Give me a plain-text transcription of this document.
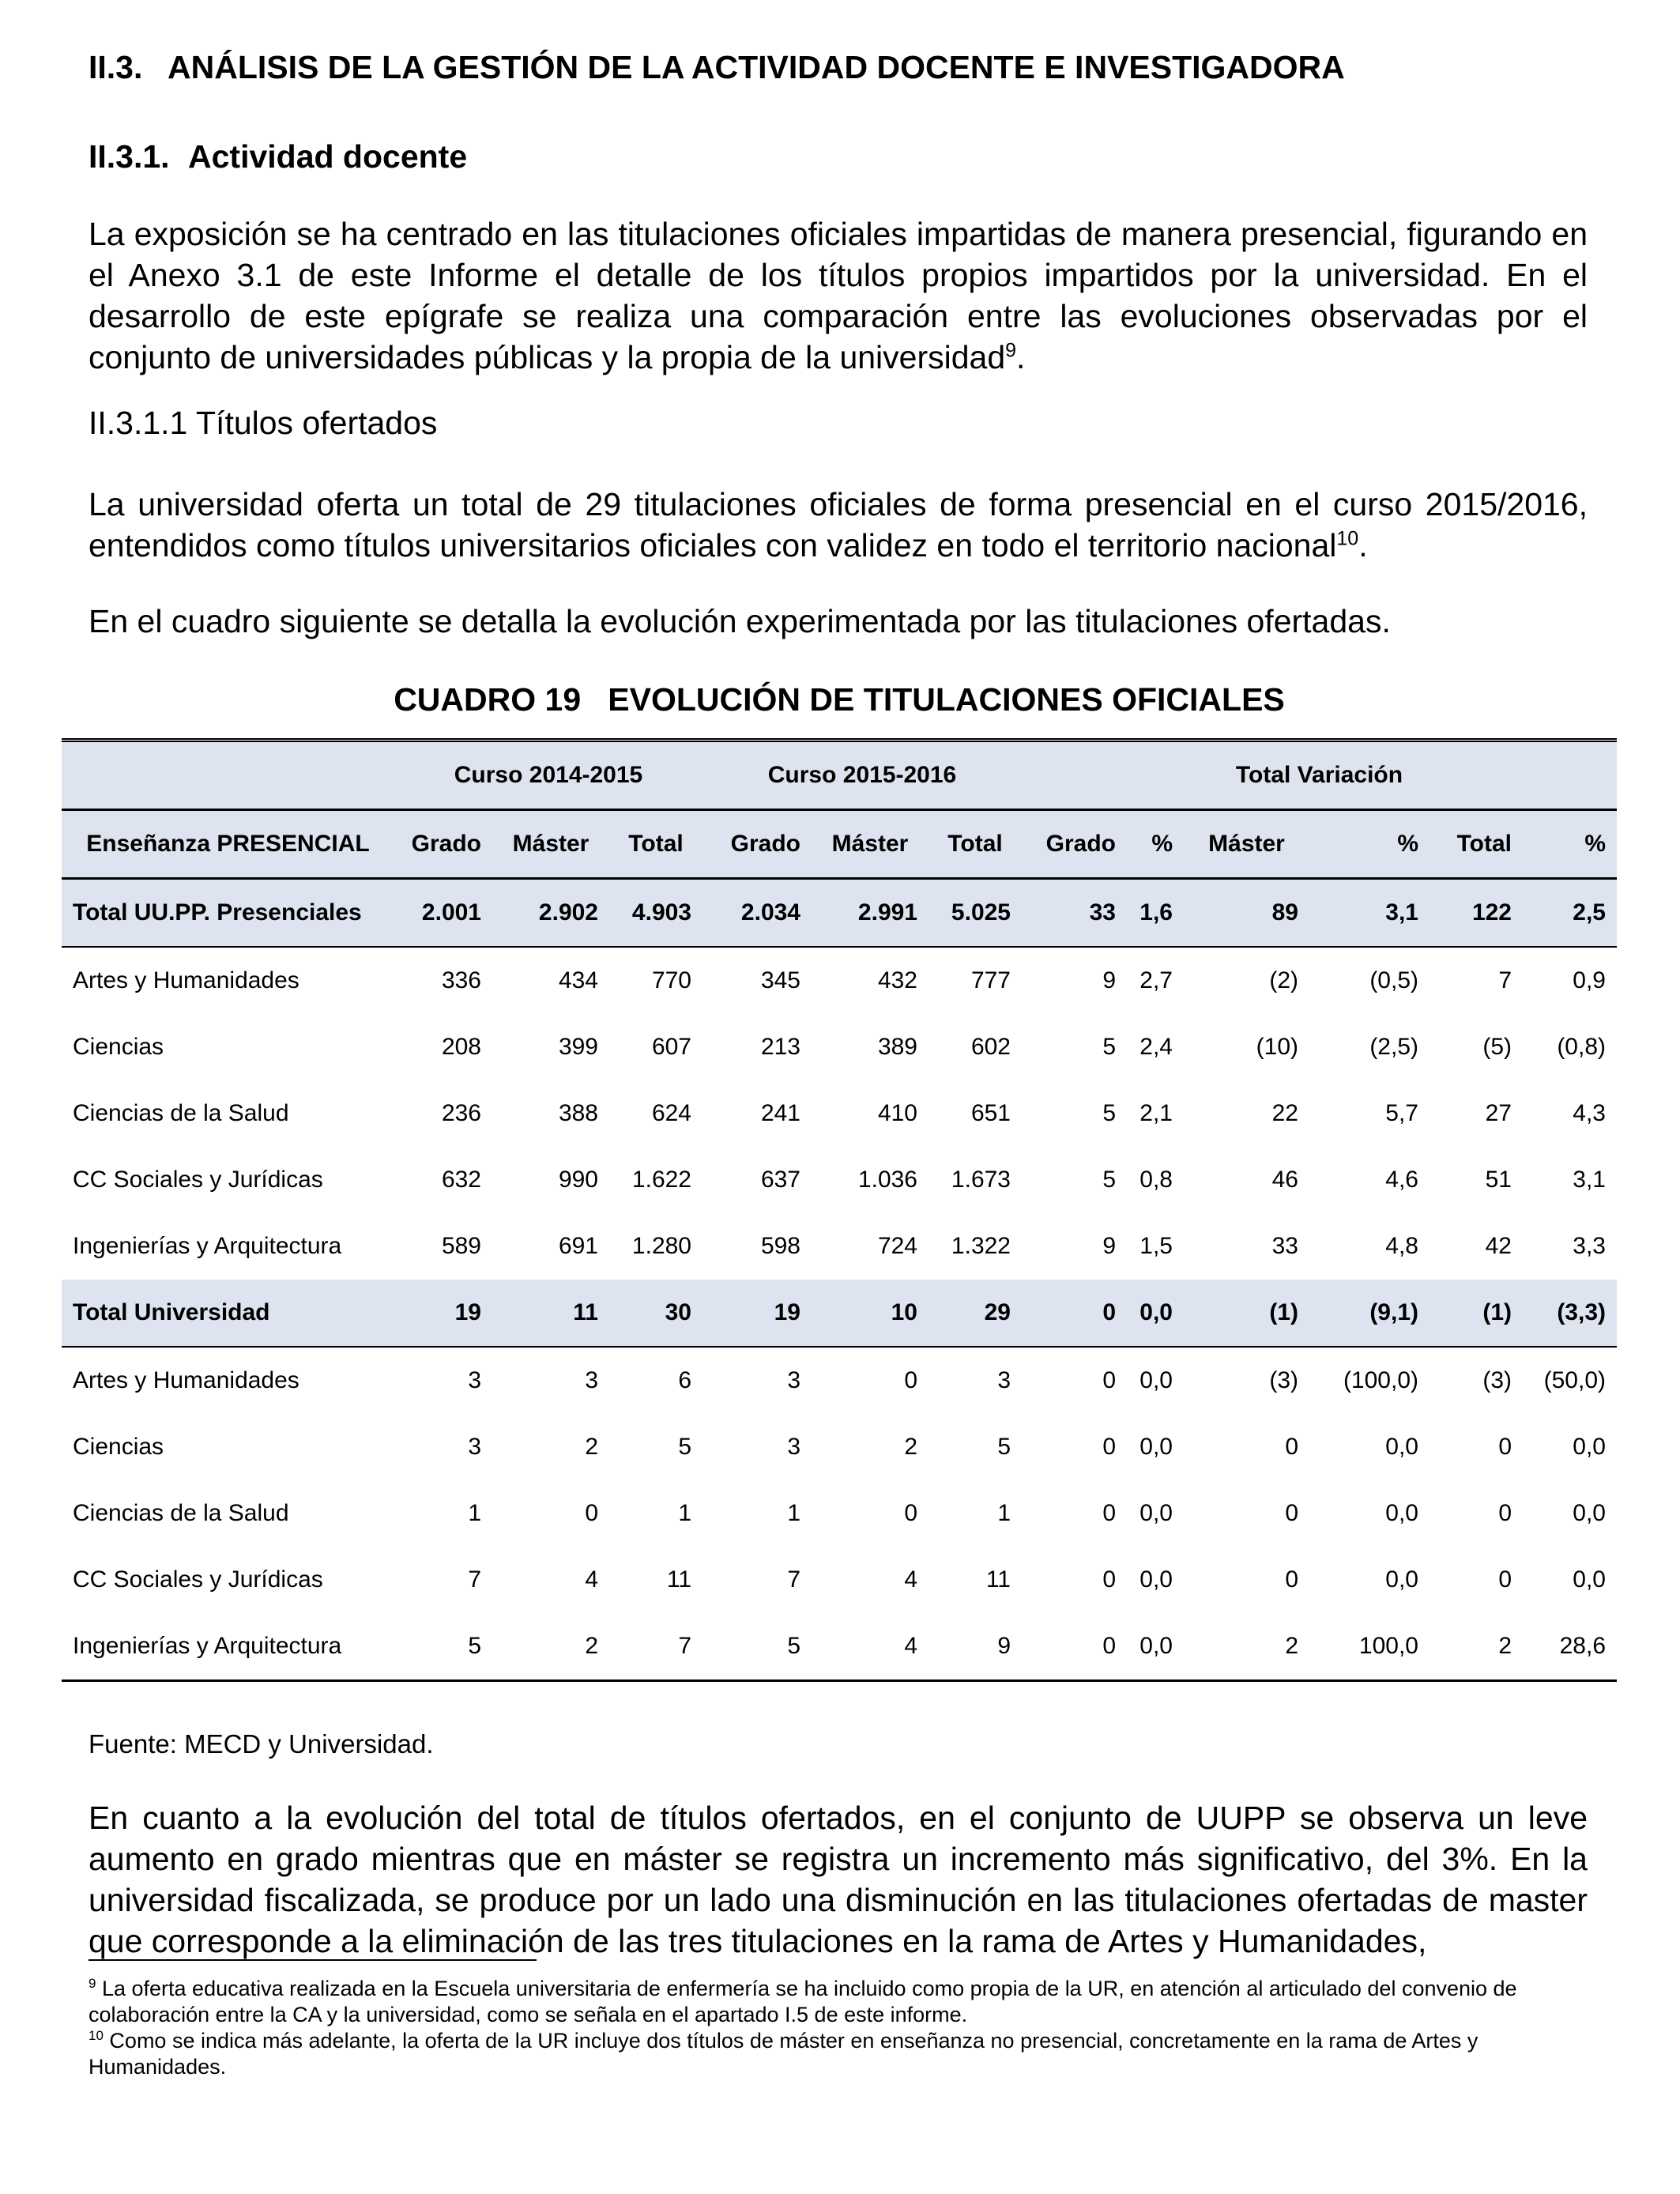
II.3. ANÁLISIS DE LA GESTIÓN DE LA ACTIVIDAD DOCENTE E INVESTIGADORA
II.3.1. Actividad docente
La exposición se ha centrado en las titulaciones oficiales impartidas de manera presencial, figurando en el Anexo 3.1 de este Informe el detalle de los títulos propios impartidos por la universidad. En el desarrollo de este epígrafe se realiza una comparación entre las evoluciones observadas por el conjunto de universidades públicas y la propia de la universidad$^9$.
II.3.1.1 Títulos ofertados
La universidad oferta un total de 29 titulaciones oficiales de forma presencial en el curso 2015/2016, entendidos como títulos universitarios oficiales con validez en todo el territorio nacional$^{10}$.
En el cuadro siguiente se detalla la evolución experimentada por las titulaciones ofertadas.
CUADRO 19   EVOLUCIÓN DE TITULACIONES OFICIALES
	Curso 2014-2015			Curso 2015-2016			Total Variación					
Enseñanza PRESENCIAL	Grado	Máster	Total	Grado	Máster	Total	Grado	%	Máster	%	Total	%
Total UU.PP. Presenciales	2.001	2.902	4.903	2.034	2.991	5.025	33	1,6	89	3,1	122	2,5
Artes y Humanidades	336	434	770	345	432	777	9	2,7	(2)	(0,5)	7	0,9
Ciencias	208	399	607	213	389	602	5	2,4	(10)	(2,5)	(5)	(0,8)
Ciencias de la Salud	236	388	624	241	410	651	5	2,1	22	5,7	27	4,3
CC Sociales y Jurídicas	632	990	1.622	637	1.036	1.673	5	0,8	46	4,6	51	3,1
Ingenierías y Arquitectura	589	691	1.280	598	724	1.322	9	1,5	33	4,8	42	3,3
Total Universidad	19	11	30	19	10	29	0	0,0	(1)	(9,1)	(1)	(3,3)
Artes y Humanidades	3	3	6	3	0	3	0	0,0	(3)	(100,0)	(3)	(50,0)
Ciencias	3	2	5	3	2	5	0	0,0	0	0,0	0	0,0
Ciencias de la Salud	1	0	1	1	0	1	0	0,0	0	0,0	0	0,0
CC Sociales y Jurídicas	7	4	11	7	4	11	0	0,0	0	0,0	0	0,0
Ingenierías y Arquitectura	5	2	7	5	4	9	0	0,0	2	100,0	2	28,6
Fuente: MECD y Universidad.
En cuanto a la evolución del total de títulos ofertados, en el conjunto de UUPP se observa un leve aumento en grado mientras que en máster se registra un incremento más significativo, del 3%. En la universidad fiscalizada, se produce por un lado una disminución en las titulaciones ofertadas de master que corresponde a la eliminación de las tres titulaciones en la rama de Artes y Humanidades,
$^9$ La oferta educativa realizada en la Escuela universitaria de enfermería se ha incluido como propia de la UR, en atención al articulado del convenio de colaboración entre la CA y la universidad, como se señala en el apartado I.5 de este informe.
$^{10}$ Como se indica más adelante, la oferta de la UR incluye dos títulos de máster en enseñanza no presencial, concretamente en la rama de Artes y Humanidades.
